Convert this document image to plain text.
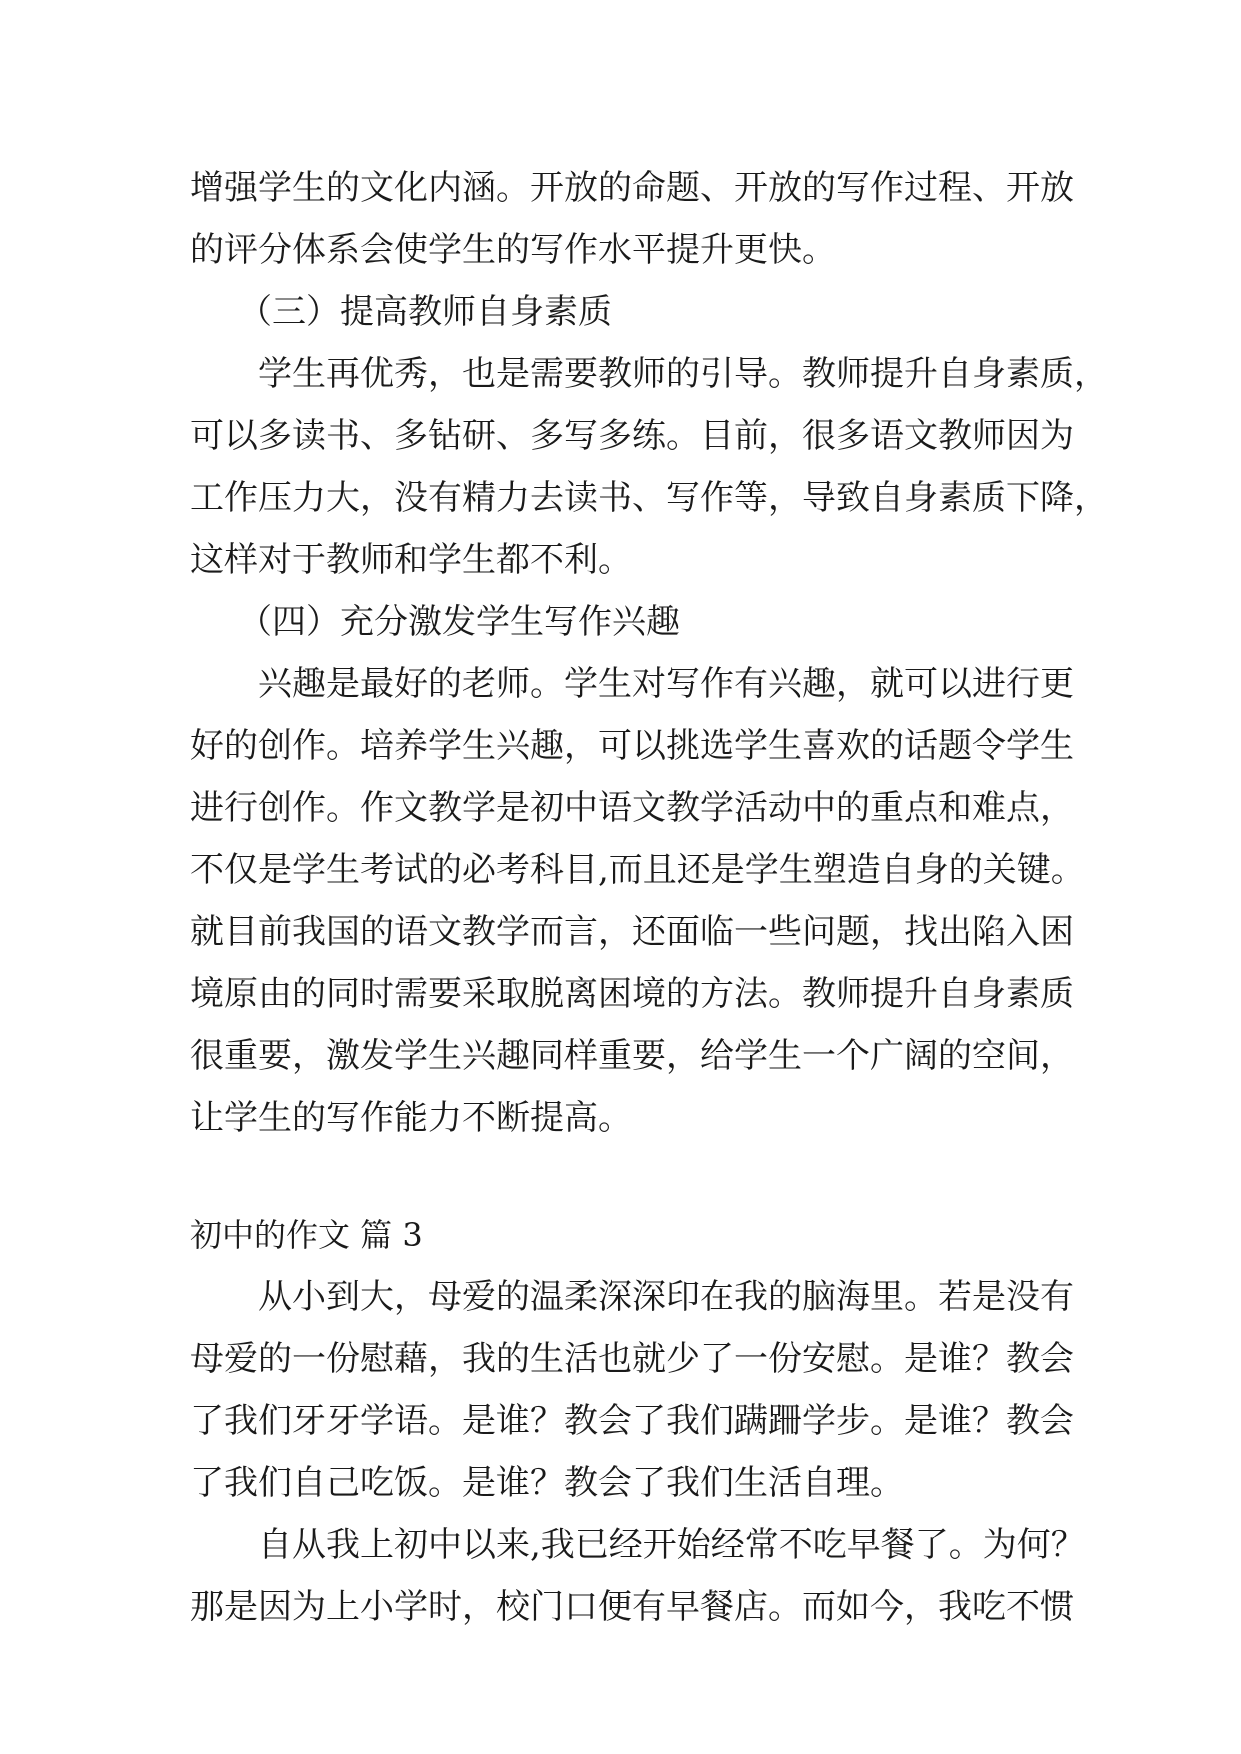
增强学生的文化内涵。开放的命题、开放的写作过程、开放
的评分体系会使学生的写作水平提升更快。
（三）提高教师自身素质
学生再优秀，也是需要教师的引导。教师提升自身素质，
可以多读书、多钻研、多写多练。目前，很多语文教师因为
工作压力大，没有精力去读书、写作等，导致自身素质下降，
这样对于教师和学生都不利。
（四）充分激发学生写作兴趣
兴趣是最好的老师。学生对写作有兴趣，就可以进行更
好的创作。培养学生兴趣，可以挑选学生喜欢的话题令学生
进行创作。作文教学是初中语文教学活动中的重点和难点，
不仅是学生考试的必考科目,而且还是学生塑造自身的关键。
就目前我国的语文教学而言，还面临一些问题，找出陷入困
境原由的同时需要采取脱离困境的方法。教师提升自身素质
很重要，激发学生兴趣同样重要，给学生一个广阔的空间，
让学生的写作能力不断提高。
初中的作文 篇 3
从小到大，母爱的温柔深深印在我的脑海里。若是没有
母爱的一份慰藉，我的生活也就少了一份安慰。是谁？教会
了我们牙牙学语。是谁？教会了我们蹒跚学步。是谁？教会
了我们自己吃饭。是谁？教会了我们生活自理。
自从我上初中以来,我已经开始经常不吃早餐了。为何？
那是因为上小学时，校门口便有早餐店。而如今，我吃不惯
